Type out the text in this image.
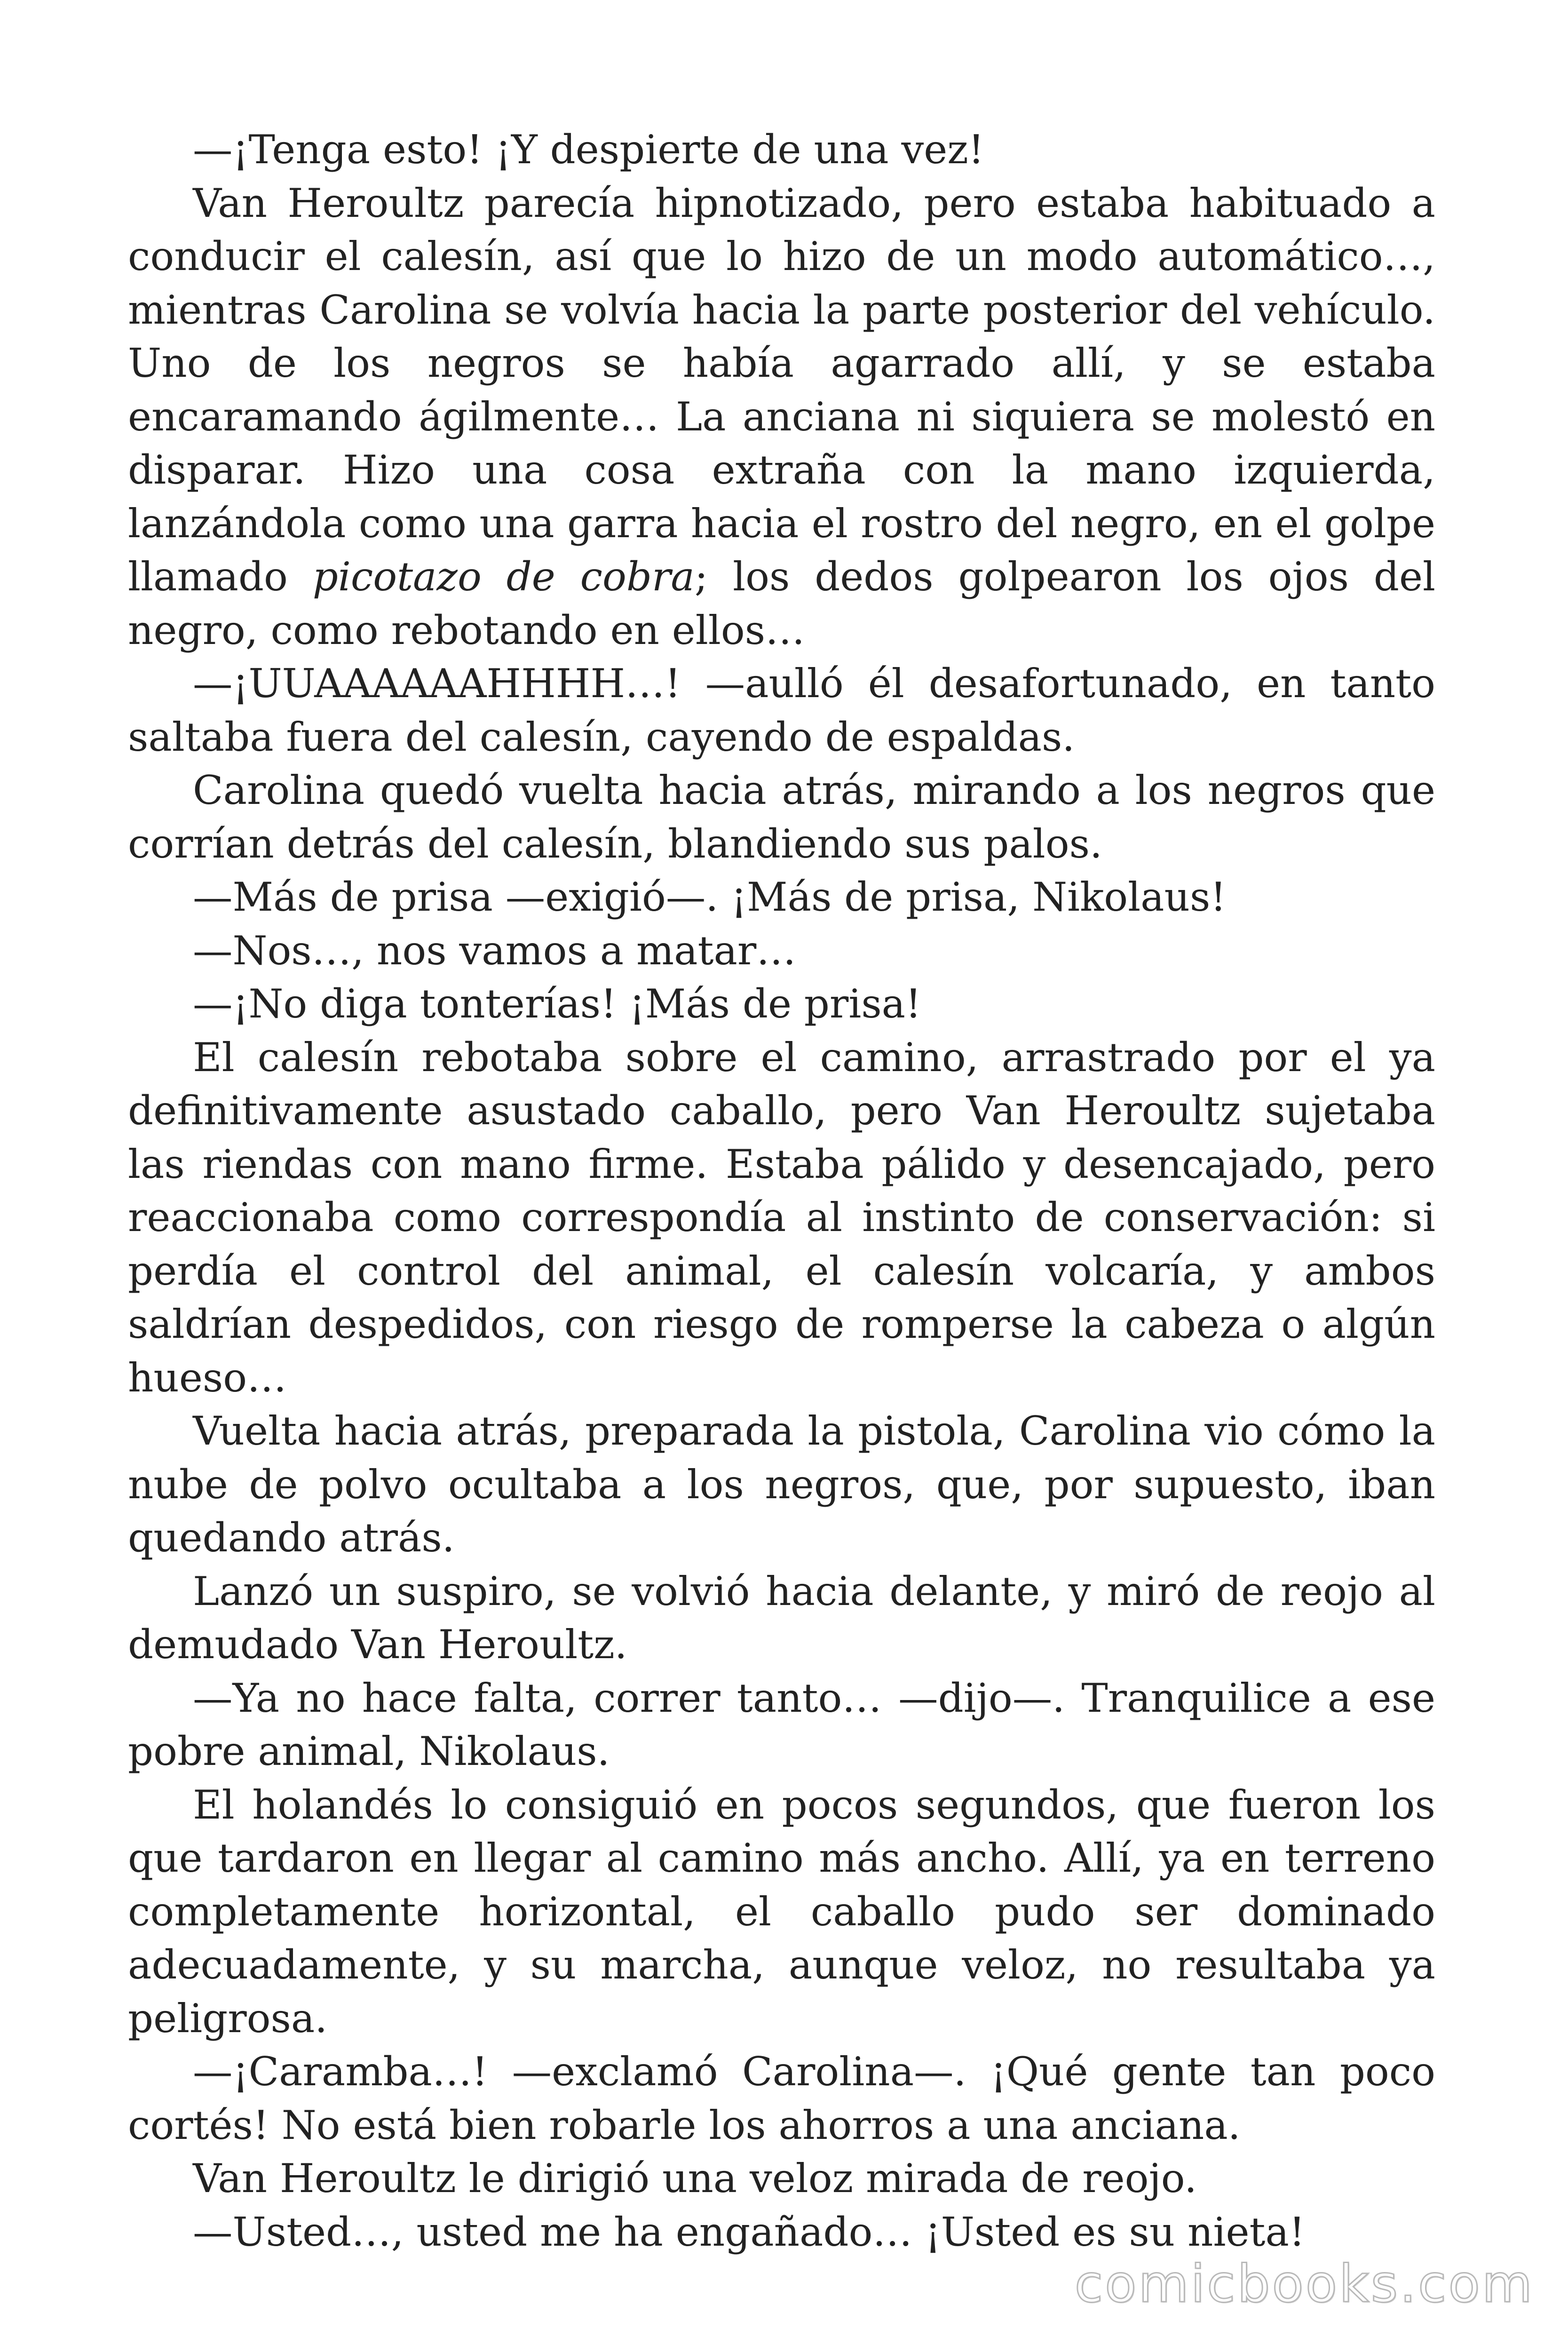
—¡Tenga esto! ¡Y despierte de una vez!

Van Heroultz parecía hipnotizado, pero estaba habituado a conducir el calesín, así que lo hizo de un modo automático…, mientras Carolina se volvía hacia la parte posterior del vehículo. Uno de los negros se había agarrado allí, y se estaba encaramando ágilmente… La anciana ni siquiera se molestó en disparar. Hizo una cosa extraña con la mano izquierda, lanzándola como una garra hacia el rostro del negro, en el golpe llamado picotazo de cobra; los dedos golpearon los ojos del negro, como rebotando en ellos…

—¡UUAAAAAAHHHH…! —aulló él desafortunado, en tanto saltaba fuera del calesín, cayendo de espaldas.

Carolina quedó vuelta hacia atrás, mirando a los negros que corrían detrás del calesín, blandiendo sus palos.

—Más de prisa —exigió—. ¡Más de prisa, Nikolaus!

—Nos…, nos vamos a matar…

—¡No diga tonterías! ¡Más de prisa!

El calesín rebotaba sobre el camino, arrastrado por el ya definitivamente asustado caballo, pero Van Heroultz sujetaba las riendas con mano firme. Estaba pálido y desencajado, pero reaccionaba como correspondía al instinto de conservación: si perdía el control del animal, el calesín volcaría, y ambos saldrían despedidos, con riesgo de romperse la cabeza o algún hueso…

Vuelta hacia atrás, preparada la pistola, Carolina vio cómo la nube de polvo ocultaba a los negros, que, por supuesto, iban quedando atrás.

Lanzó un suspiro, se volvió hacia delante, y miró de reojo al demudado Van Heroultz.

—Ya no hace falta, correr tanto… —dijo—. Tranquilice a ese pobre animal, Nikolaus.

El holandés lo consiguió en pocos segundos, que fueron los que tardaron en llegar al camino más ancho. Allí, ya en terreno completamente horizontal, el caballo pudo ser dominado adecuadamente, y su marcha, aunque veloz, no resultaba ya peligrosa.

—¡Caramba…! —exclamó Carolina—. ¡Qué gente tan poco cortés! No está bien robarle los ahorros a una anciana.

Van Heroultz le dirigió una veloz mirada de reojo.

—Usted…, usted me ha engañado… ¡Usted es su nieta!

comicbooks.com
